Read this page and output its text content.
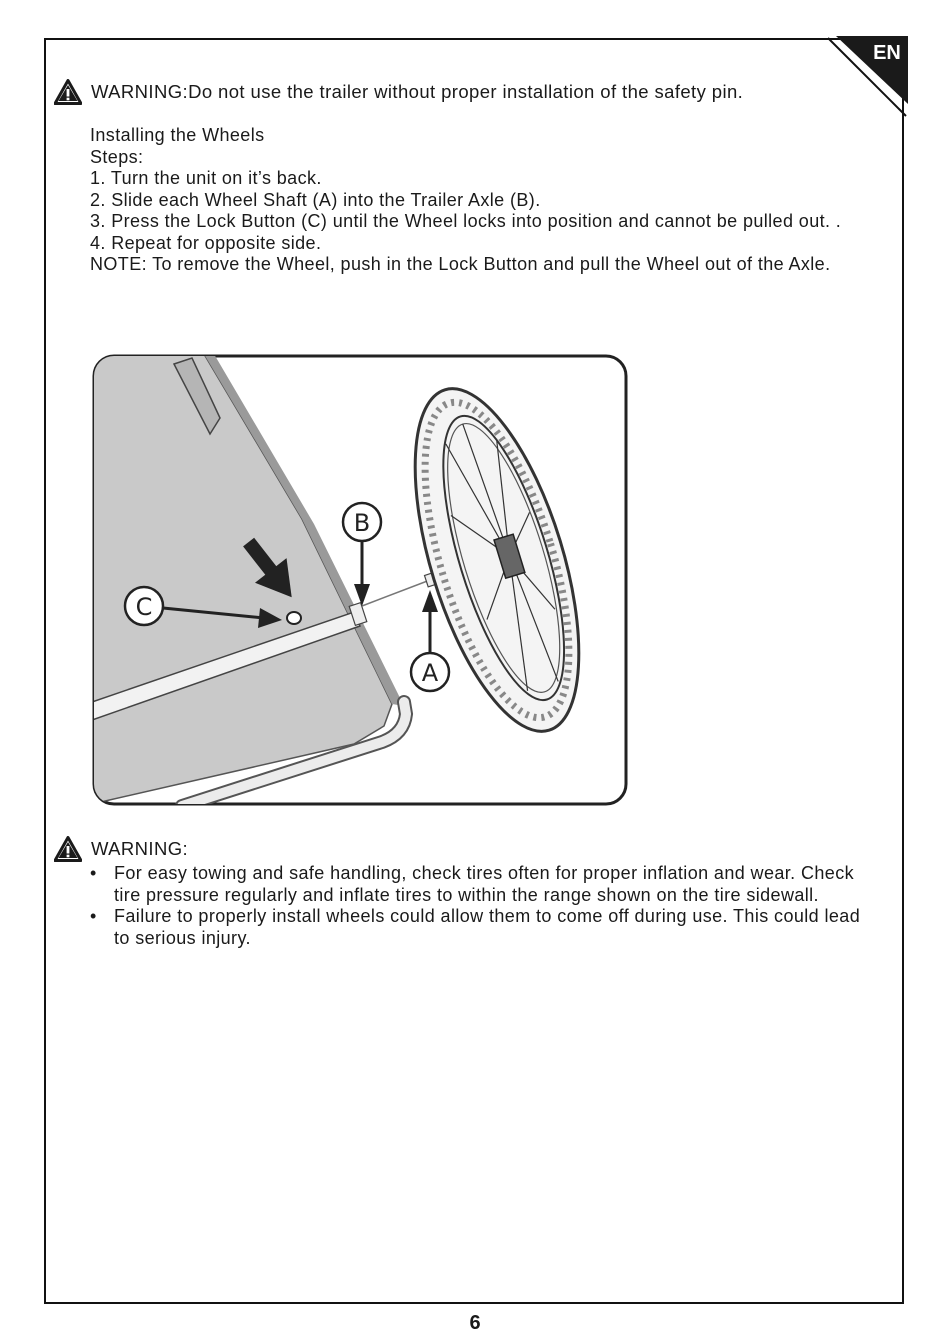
EN
WARNING:Do not use the trailer without proper installation of the safety pin.

Installing the Wheels

Steps:

1. Turn the unit on it’s back.

2. Slide each Wheel Shaft (A) into the Trailer Axle (B).

3. Press the Lock Button (C) until the Wheel locks into position and cannot be pulled out. .

4. Repeat for opposite side.

NOTE: To remove the Wheel, push in the Lock Button and pull the Wheel out of the Axle.

C
B
A
WARNING:
• For easy towing and safe handling, check tires often for proper inflation and wear. Check tire pressure regularly and inflate tires to within the range shown on the tire sidewall.
• Failure to properly install wheels could allow them to come off during use. This could lead to serious injury.
6
